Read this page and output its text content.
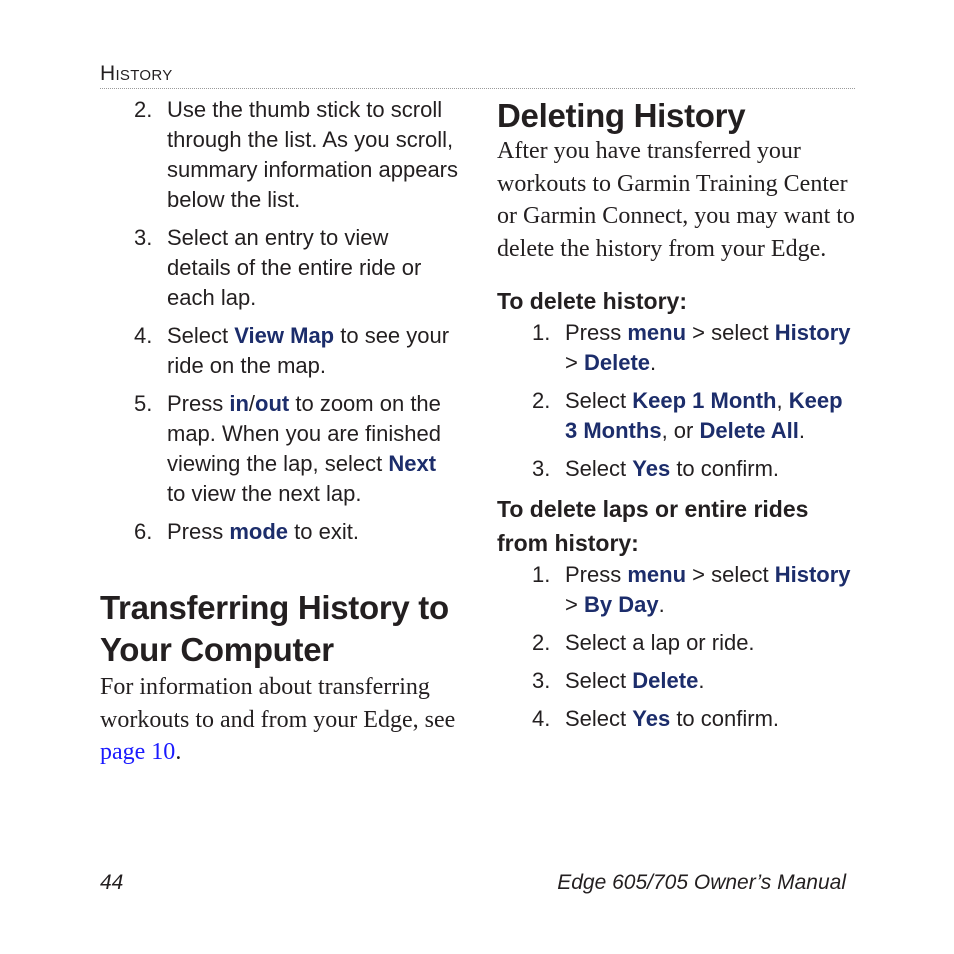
HISTORY
2. Use the thumb stick to scroll through the list. As you scroll, summary information appears below the list.
3. Select an entry to view details of the entire ride or each lap.
4. Select View Map to see your ride on the map.
5. Press in/out to zoom on the map. When you are finished viewing the lap, select Next to view the next lap.
6. Press mode to exit.
Transferring History to
Your Computer

For information about transferring workouts to and from your Edge, see page 10.

Deleting History

After you have transferred your workouts to Garmin Training Center or Garmin Connect, you may want to delete the history from your Edge.

To delete history:
1. Press menu > select History > Delete.
2. Select Keep 1 Month, Keep 3 Months, or Delete All.
3. Select Yes to confirm.
To delete laps or entire rides
from history:
1. Press menu > select History > By Day.
2. Select a lap or ride.
3. Select Delete.
4. Select Yes to confirm.
44	Edge 605/705 Owner’s Manual
